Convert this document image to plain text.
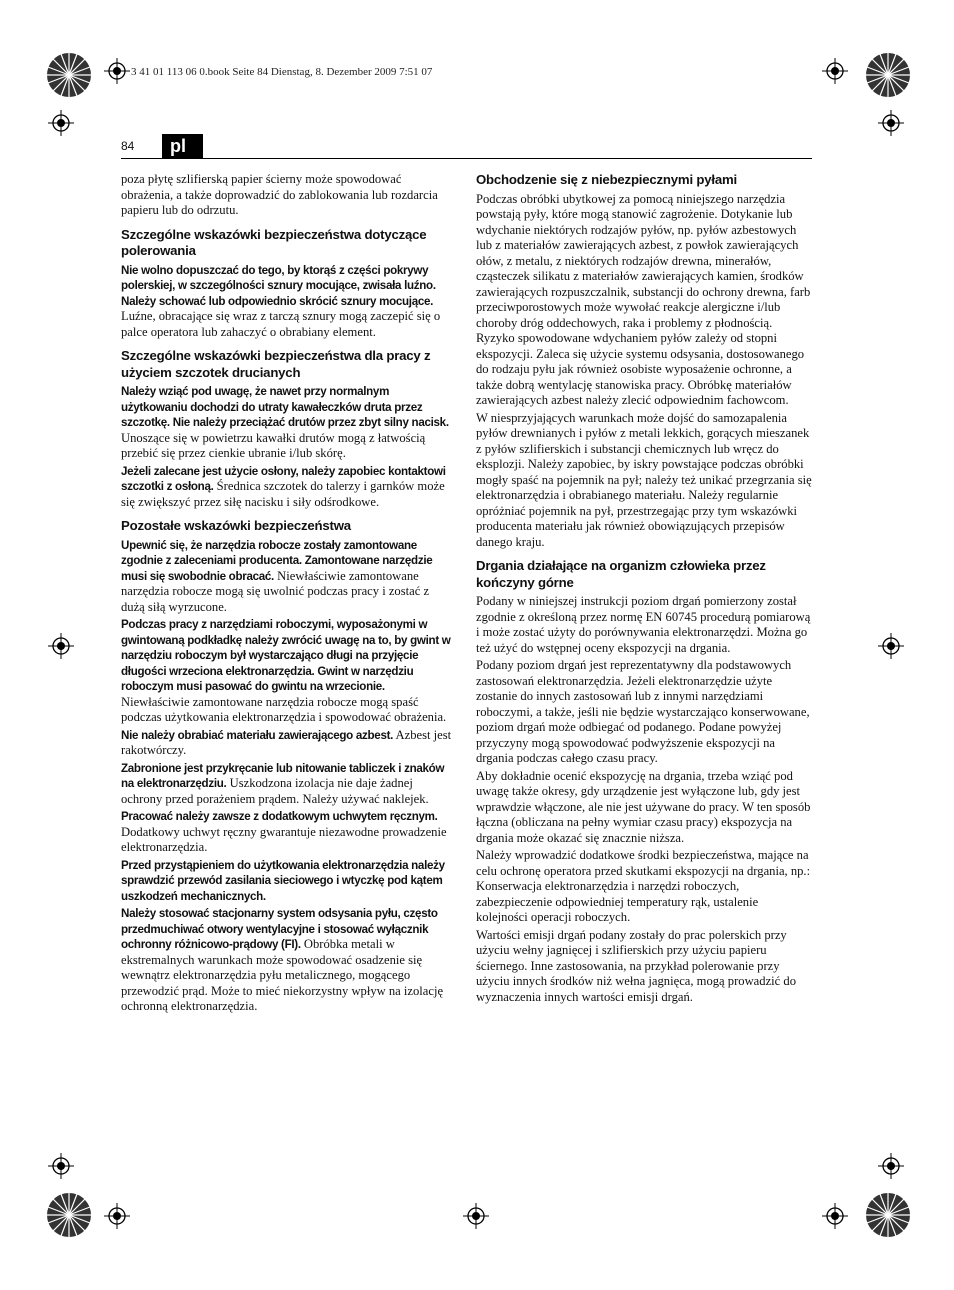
3 41 01 113 06 0.book Seite 84 Dienstag, 8. Dezember 2009 7:51 07
84	pl

poza płytę szlifierską papier ścierny może spowodować obrażenia, a także doprowadzić do zablokowania lub rozdarcia papieru lub do odrzutu.

Szczególne wskazówki bezpieczeństwa dotyczące polerowania

Nie wolno dopuszczać do tego, by ktorąś z części pokrywy polerskiej, w szczególności sznury mocujące, zwisała luźno. Należy schować lub odpowiednio skrócić sznury mocujące. Luźne, obracające się wraz z tarczą sznury mogą zaczepić się o palce operatora lub zahaczyć o obrabiany element.

Szczególne wskazówki bezpieczeństwa dla pracy z użyciem szczotek drucianych

Należy wziąć pod uwagę, że nawet przy normalnym użytkowaniu dochodzi do utraty kawałeczków druta przez szczotkę. Nie należy przeciążać drutów przez zbyt silny nacisk. Unoszące się w powietrzu kawałki drutów mogą z łatwością przebić się przez cienkie ubranie i/lub skórę.

Jeżeli zalecane jest użycie osłony, należy zapobiec kontaktowi szczotki z osłoną. Średnica szczotek do talerzy i garnków może się zwiększyć przez siłę nacisku i siły odśrodkowe.

Pozostałe wskazówki bezpieczeństwa

Upewnić się, że narzędzia robocze zostały zamontowane zgodnie z zaleceniami producenta. Zamontowane narzędzie musi się swobodnie obracać. Niewłaściwie zamontowane narzędzia robocze mogą się uwolnić podczas pracy i zostać z dużą siłą wyrzucone.

Podczas pracy z narzędziami roboczymi, wyposażonymi w gwintowaną podkładkę należy zwrócić uwagę na to, by gwint w narzędziu roboczym był wystarczająco długi na przyjęcie długości wrzeciona elektronarzędzia. Gwint w narzędziu roboczym musi pasować do gwintu na wrzecionie. Niewłaściwie zamontowane narzędzia robocze mogą spaść podczas użytkowania elektronarzędzia i spowodować obrażenia.

Nie należy obrabiać materiału zawierającego azbest. Azbest jest rakotwórczy.

Zabronione jest przykręcanie lub nitowanie tabliczek i znaków na elektronarzędziu. Uszkodzona izolacja nie daje żadnej ochrony przed porażeniem prądem. Należy używać naklejek.

Pracować należy zawsze z dodatkowym uchwytem ręcznym. Dodatkowy uchwyt ręczny gwarantuje niezawodne prowadzenie elektronarzędzia.

Przed przystąpieniem do użytkowania elektronarzędzia należy sprawdzić przewód zasilania sieciowego i wtyczkę pod kątem uszkodzeń mechanicznych.

Należy stosować stacjonarny system odsysania pyłu, często przedmuchiwać otwory wentylacyjne i stosować wyłącznik ochronny różnicowo-prądowy (FI). Obróbka metali w ekstremalnych warunkach może spowodować osadzenie się wewnątrz elektronarzędzia pyłu metalicznego, mogącego przewodzić prąd. Może to mieć niekorzystny wpływ na izolację ochronną elektronarzędzia.

Obchodzenie się z niebezpiecznymi pyłami

Podczas obróbki ubytkowej za pomocą niniejszego narzędzia powstają pyły, które mogą stanowić zagrożenie. Dotykanie lub wdychanie niektórych rodzajów pyłów, np. pyłów azbestowych lub z materiałów zawierających azbest, z powłok zawierających ołów, z metalu, z niektórych rodzajów drewna, minerałów, cząsteczek silikatu z materiałów zawierających kamien, środków zawierających rozpuszczalnik, substancji do ochrony drewna, farb przeciwporostowych może wywołać reakcje alergiczne i/lub choroby dróg oddechowych, raka i problemy z płodnością. Ryzyko spowodowane wdychaniem pyłów zależy od stopni ekspozycji. Zaleca się użycie systemu odsysania, dostosowanego do rodzaju pyłu jak również osobiste wyposażenie ochronne, a także dobrą wentylację stanowiska pracy. Obróbkę materiałów zawierających azbest należy zlecić odpowiednim fachowcom.

W niesprzyjających warunkach może dojść do samozapalenia pyłów drewnianych i pyłów z metali lekkich, gorących mieszanek z pyłów szlifierskich i substancji chemicznych lub wręcz do eksplozji. Należy zapobiec, by iskry powstające podczas obróbki mogły spaść na pojemnik na pył; należy też unikać przegrzania się elektronarzędzia i obrabianego materiału. Należy regularnie opróżniać pojemnik na pył, przestrzegając przy tym wskazówki producenta materiału jak również obowiązujących przepisów danego kraju.

Drgania działające na organizm człowieka przez kończyny górne

Podany w niniejszej instrukcji poziom drgań pomierzony został zgodnie z określoną przez normę EN 60745 procedurą pomiarową i może zostać użyty do porównywania elektronarzędzi. Można go też użyć do wstępnej oceny ekspozycji na drgania.

Podany poziom drgań jest reprezentatywny dla podstawowych zastosowań elektronarzędzia. Jeżeli elektronarzędzie użyte zostanie do innych zastosowań lub z innymi narzędziami roboczymi, a także, jeśli nie będzie wystarczająco konserwowane, poziom drgań może odbiegać od podanego. Podane powyżej przyczyny mogą spowodować podwyższenie ekspozycji na drgania podczas całego czasu pracy.

Aby dokładnie ocenić ekspozycję na drgania, trzeba wziąć pod uwagę także okresy, gdy urządzenie jest wyłączone lub, gdy jest wprawdzie włączone, ale nie jest używane do pracy. W ten sposób łączna (obliczana na pełny wymiar czasu pracy) ekspozycja na drgania może okazać się znacznie niższa.

Należy wprowadzić dodatkowe środki bezpieczeństwa, mające na celu ochronę operatora przed skutkami ekspozycji na drgania, np.: Konserwacja elektronarzędzia i narzędzi roboczych, zabezpieczenie odpowiedniej temperatury rąk, ustalenie kolejności operacji roboczych.

Wartości emisji drgań podany zostały do prac polerskich przy użyciu wełny jagnięcej i szlifierskich przy użyciu papieru ściernego. Inne zastosowania, na przykład polerowanie przy użyciu innych środków niż wełna jagnięca, mogą prowadzić do wyznaczenia innych wartości emisji drgań.
